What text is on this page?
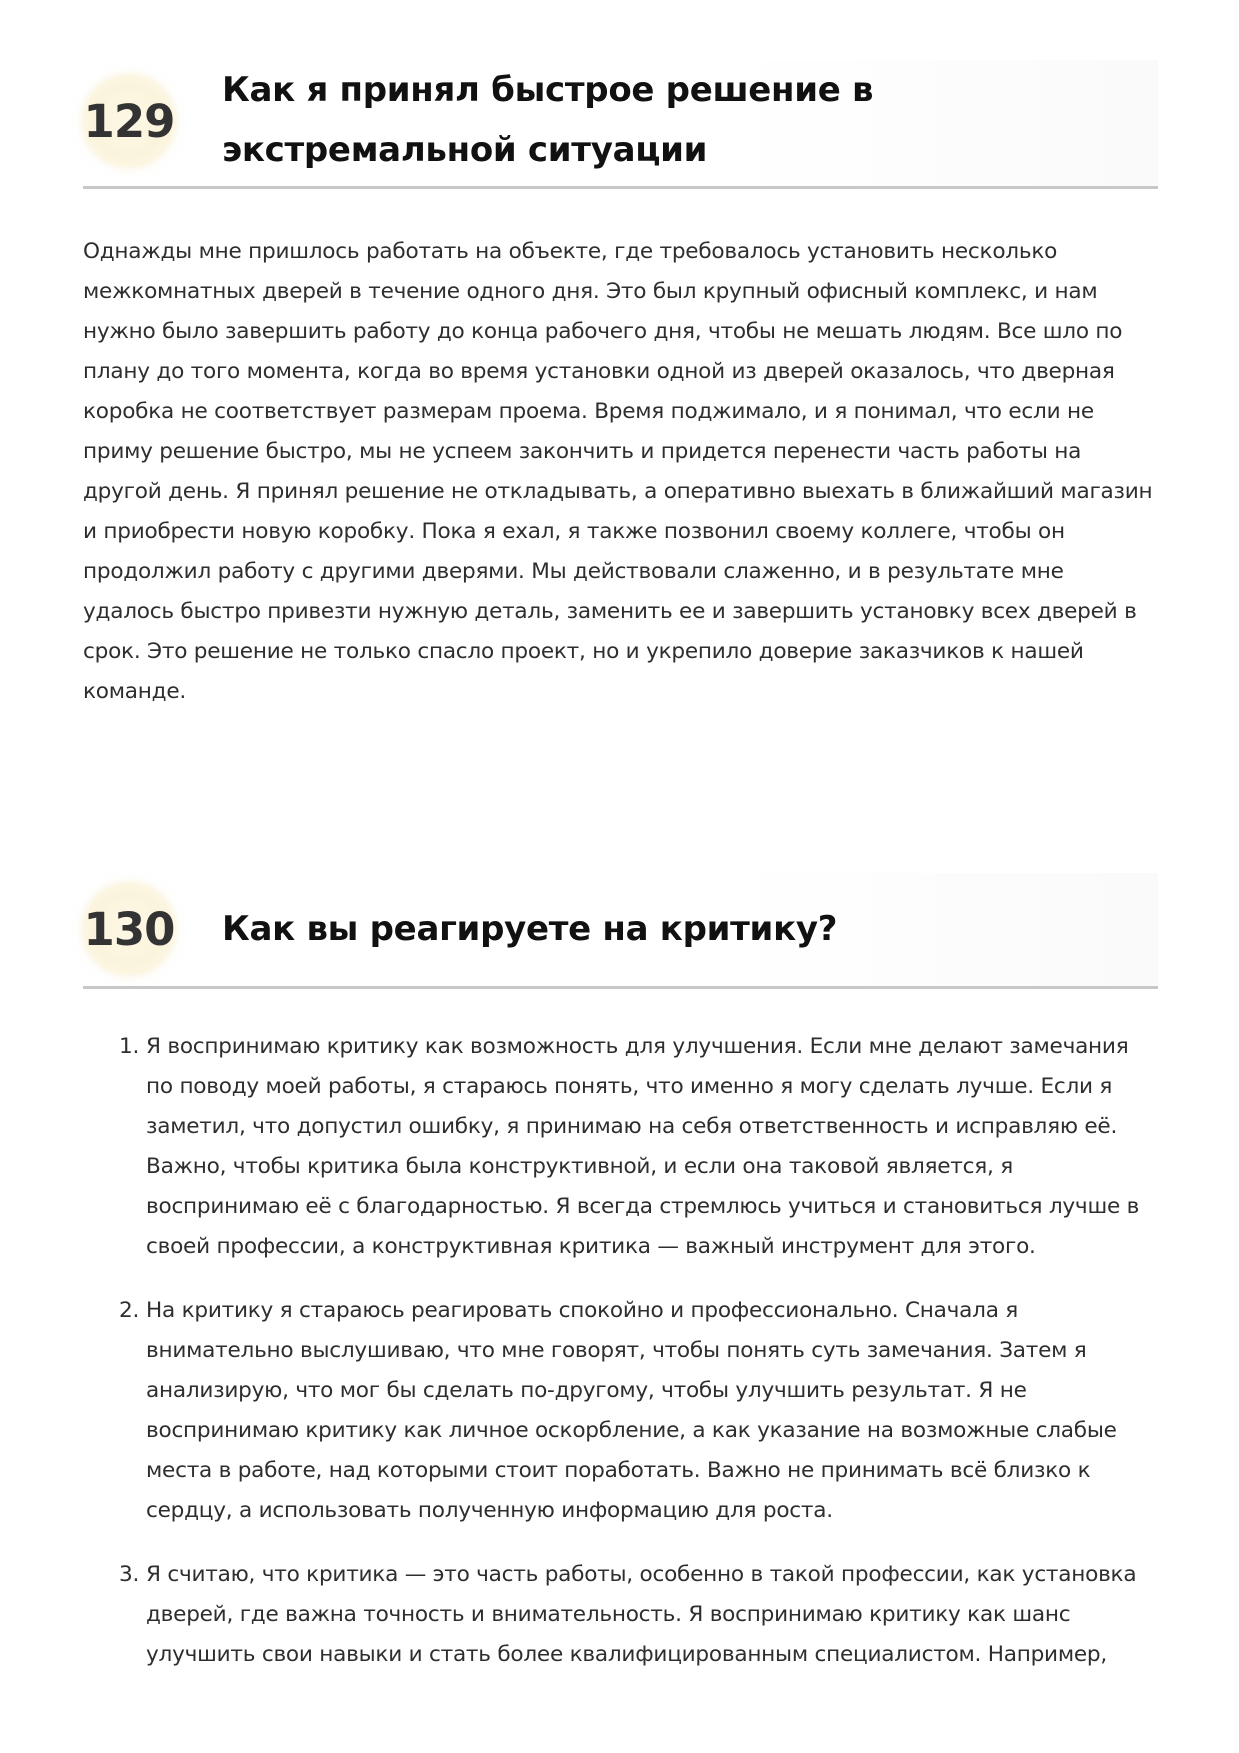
129
Как я принял быстрое решение в экстремальной ситуации

Однажды мне пришлось работать на объекте, где требовалось установить несколько межкомнатных дверей в течение одного дня. Это был крупный офисный комплекс, и нам нужно было завершить работу до конца рабочего дня, чтобы не мешать людям. Все шло по плану до того момента, когда во время установки одной из дверей оказалось, что дверная коробка не соответствует размерам проема. Время поджимало, и я понимал, что если не приму решение быстро, мы не успеем закончить и придется перенести часть работы на другой день. Я принял решение не откладывать, а оперативно выехать в ближайший магазин и приобрести новую коробку. Пока я ехал, я также позвонил своему коллеге, чтобы он продолжил работу с другими дверями. Мы действовали слаженно, и в результате мне удалось быстро привезти нужную деталь, заменить ее и завершить установку всех дверей в срок. Это решение не только спасло проект, но и укрепило доверие заказчиков к нашей команде.

130	Как вы реагируете на критику?
1. Я воспринимаю критику как возможность для улучшения. Если мне делают замечания по поводу моей работы, я стараюсь понять, что именно я могу сделать лучше. Если я заметил, что допустил ошибку, я принимаю на себя ответственность и исправляю её. Важно, чтобы критика была конструктивной, и если она таковой является, я воспринимаю её с благодарностью. Я всегда стремлюсь учиться и становиться лучше в своей профессии, а конструктивная критика — важный инструмент для этого.
2. На критику я стараюсь реагировать спокойно и профессионально. Сначала я внимательно выслушиваю, что мне говорят, чтобы понять суть замечания. Затем я анализирую, что мог бы сделать по-другому, чтобы улучшить результат. Я не воспринимаю критику как личное оскорбление, а как указание на возможные слабые места в работе, над которыми стоит поработать. Важно не принимать всё близко к сердцу, а использовать полученную информацию для роста.
3. Я считаю, что критика — это часть работы, особенно в такой профессии, как установка дверей, где важна точность и внимательность. Я воспринимаю критику как шанс улучшить свои навыки и стать более квалифицированным специалистом. Например,
